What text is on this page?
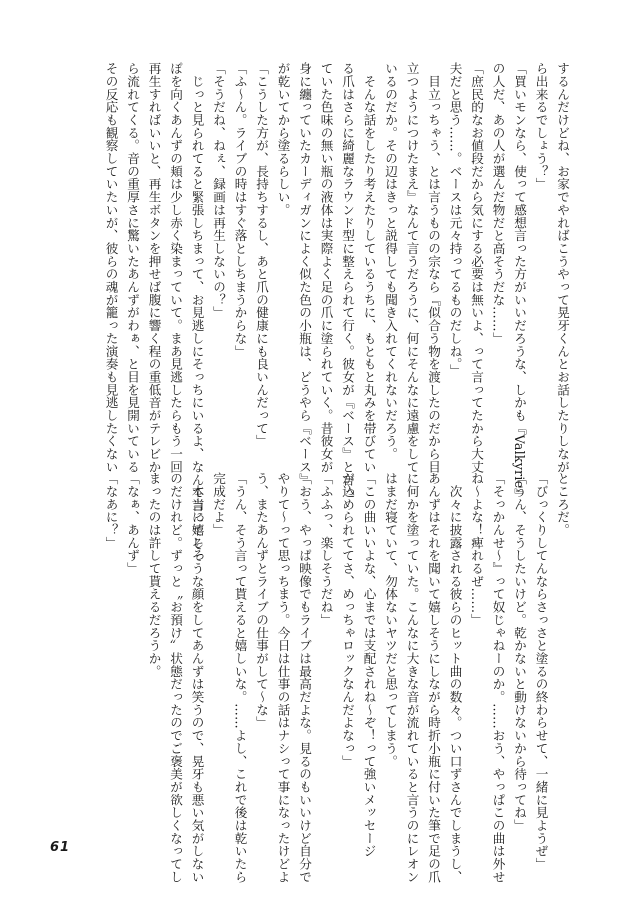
するんだけどね、お家でやればこうやって晃牙くんとお話したりしなが
ら出来るでしょう？」
「買いモンなら、使って感想言った方がいいだろうな、しかも『Valkyrie』
の人だ、あの人が選んだ物だと高そうだな……」
「庶民的なお値段だから気にする必要は無いよ、って言ってたから大丈
夫だと思う……。ベースは元々持ってるものだしね。」
　目立っちゃう、とは言うものの宗なら『似合う物を渡したのだから目
立つようにつけたまえ』なんて言うだろうに、何にそんなに遠慮をして
いるのだか。その辺はきっと説得しても聞き入れてくれないだろう。
　そんな話をしたり考えたりしているうちに、もともと丸みを帯びてい
る爪はさらに綺麗なラウンド型に整えられて行く。彼女が『ベース』と言っ
ていた色味の無い瓶の液体は実際よく足の爪に塗られていく。昔彼女が
身に纏っていたカーディガンによく似た色の小瓶は、どうやら『ベース』
が乾いてから塗るらしい。
「こうした方が、長持ちするし、あと爪の健康にも良いんだって」
「ふ〜ん。ライブの時はすぐ落としちまうからな」
「そうだね、ねぇ、録画は再生しないの？」
　じっと見られてると緊張しちまって、お見逃しにそっちにいるよ、なんて言ってそっ
ぽを向くあんずの頬は少し赤く染まっていて。まあ見逃したらもう一回
再生すればいいと、再生ボタンを押せば腹に響く程の重低音がテレビか
ら流れてくる。音の重厚さに驚いたあんずがわぁ、と目を見開いている
その反応も観察していたいが、彼らの魂が籠った演奏も見逃したくない
ところだ。
「びっくりしてんならさっさと塗るの終わらせて、一緒に見ようぜ」
「うん、そうしたいけど。乾かないと動けないから待ってね」
「そっかんせ〜』って奴じゃねーのか。……おう、やっぱこの曲は外せ
ね〜よな！痺れるぜ……」
　次々に披露される彼らのヒット曲の数々。つい口ずさんでしまうし、
あんずはそれを聞いて嬉しそうにしながら時折小瓶に付いた筆で足の爪
に何かを塗っていた。こんなに大きな音が流れていると言うのにレオン
はまだ寝ていて、勿体ないヤツだと思ってしまう。
「この曲いいよな、心までは支配されね〜ぞ！って強いメッセージ
が込められててさ、めっちゃロックなんだよなっ」
「ふふっ、楽しそうだね」
「おう、やっぱ映像でもライブは最高だよな。見るのもいいけど自分で
やりて〜って思っちまう。今日は仕事の話はナシって事になったけどよ
う、またあんずとライブの仕事がして〜な」
「うん、そう言って貰えると嬉しいな。……よし、これで後は乾いたら
完成だよ」
　本当に嬉しそうな顔をしてあんずは笑うので、晃牙も悪い気がしない
のだけれど。ずっと〝お預け〟状態だったのでご褒美が欲しくなってし
まったのは許して貰えるだろうか。
「なぁ、あんず」
「なあに？」
61
